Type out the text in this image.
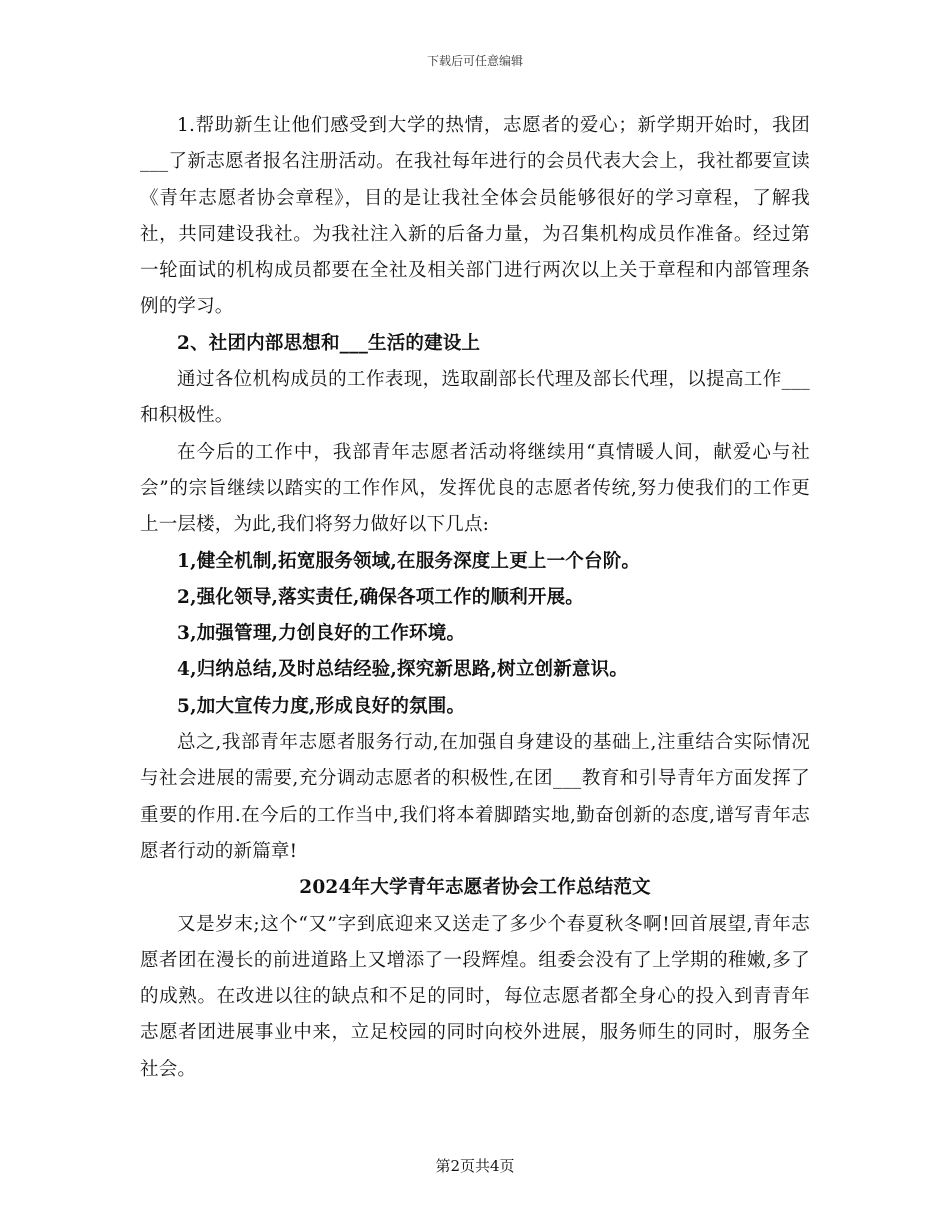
下载后可任意编辑

1.帮助新生让他们感受到大学的热情，志愿者的爱心；新学期开始时，我团___了新志愿者报名注册活动。在我社每年进行的会员代表大会上，我社都要宣读《青年志愿者协会章程》，目的是让我社全体会员能够很好的学习章程，了解我社，共同建设我社。为我社注入新的后备力量，为召集机构成员作准备。经过第一轮面试的机构成员都要在全社及相关部门进行两次以上关于章程和内部管理条例的学习。

2、社团内部思想和___生活的建设上

通过各位机构成员的工作表现，选取副部长代理及部长代理，以提高工作___和积极性。

在今后的工作中，我部青年志愿者活动将继续用“真情暖人间，献爱心与社会”的宗旨继续以踏实的工作作风，发挥优良的志愿者传统,努力使我们的工作更上一层楼，为此,我们将努力做好以下几点:

1,健全机制,拓宽服务领域,在服务深度上更上一个台阶。

2,强化领导,落实责任,确保各项工作的顺利开展。

3,加强管理,力创良好的工作环境。

4,归纳总结,及时总结经验,探究新思路,树立创新意识。

5,加大宣传力度,形成良好的氛围。

总之,我部青年志愿者服务行动,在加强自身建设的基础上,注重结合实际情况与社会进展的需要,充分调动志愿者的积极性,在团___教育和引导青年方面发挥了重要的作用.在今后的工作当中,我们将本着脚踏实地,勤奋创新的态度,谱写青年志愿者行动的新篇章!

2024年大学青年志愿者协会工作总结范文

又是岁末;这个“又”字到底迎来又送走了多少个春夏秋冬啊!回首展望,青年志愿者团在漫长的前进道路上又增添了一段辉煌。组委会没有了上学期的稚嫩,多了的成熟。在改进以往的缺点和不足的同时，每位志愿者都全身心的投入到青青年志愿者团进展事业中来，立足校园的同时向校外进展，服务师生的同时，服务全社会。

第2页共4页
